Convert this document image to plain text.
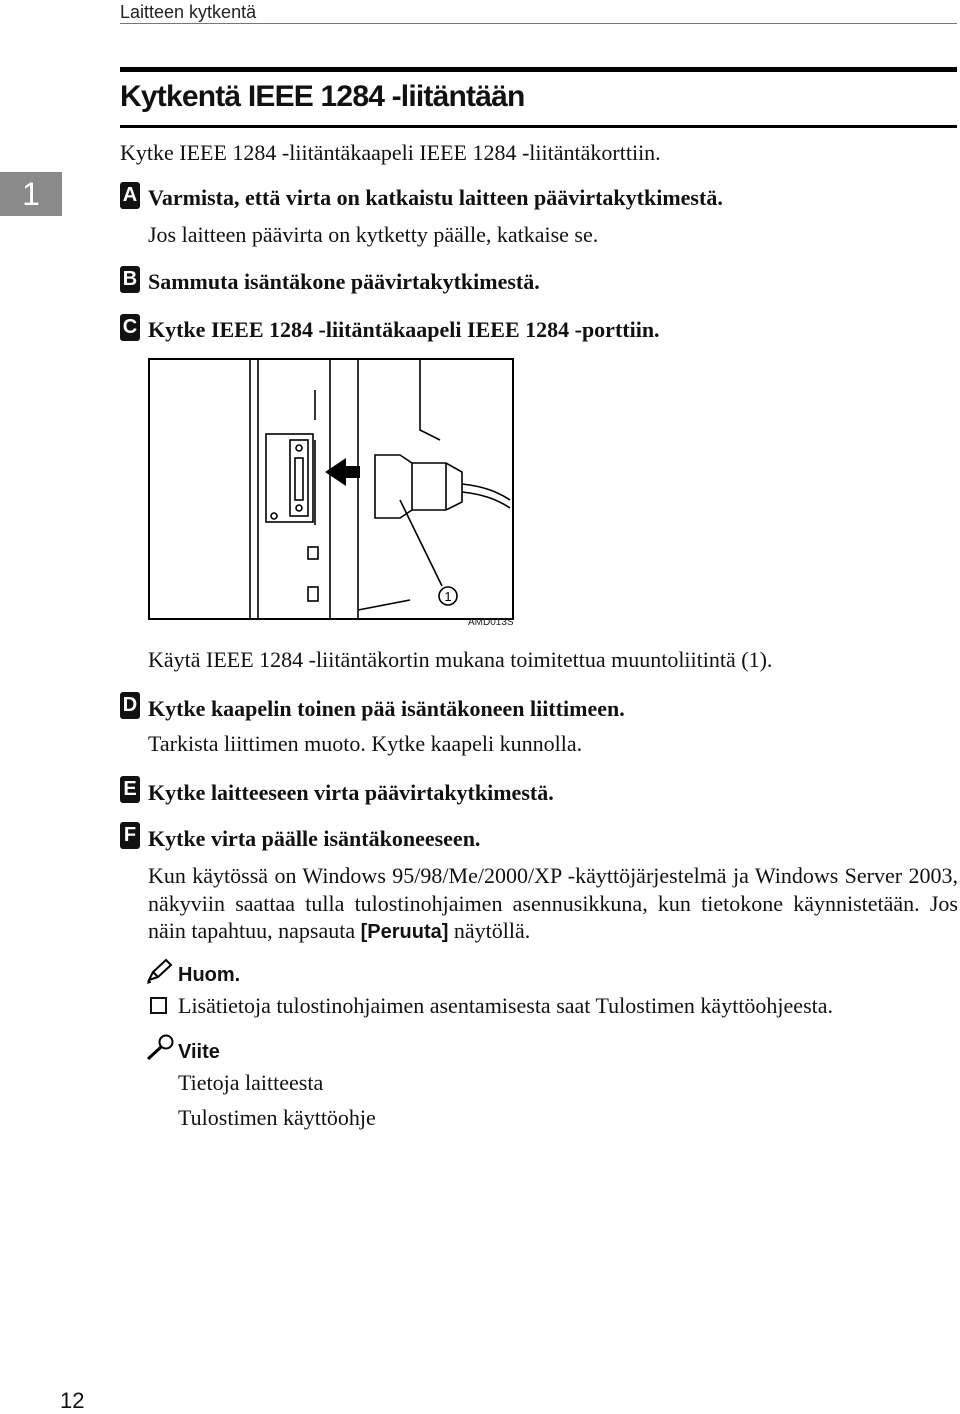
Laitteen kytkentä
1
Kytkentä IEEE 1284 -liitäntään
Kytke IEEE 1284 -liitäntäkaapeli IEEE 1284 -liitäntäkorttiin.
A Varmista, että virta on katkaistu laitteen päävirtakytkimestä.
Jos laitteen päävirta on kytketty päälle, katkaise se.
B Sammuta isäntäkone päävirtakytkimestä.
C Kytke IEEE 1284 -liitäntäkaapeli IEEE 1284 -porttiin.
1
AMD013S
Käytä IEEE 1284 -liitäntäkortin mukana toimitettua muuntoliitintä (1).
D Kytke kaapelin toinen pää isäntäkoneen liittimeen.
Tarkista liittimen muoto. Kytke kaapeli kunnolla.
E Kytke laitteeseen virta päävirtakytkimestä.
F Kytke virta päälle isäntäkoneeseen.
Kun käytössä on Windows 95/98/Me/2000/XP -käyttöjärjestelmä ja Windows Server 2003, näkyviin saattaa tulla tulostinohjaimen asennusikkuna, kun tietokone käynnistetään. Jos näin tapahtuu, napsauta [Peruuta] näytöllä.
Huom.
Lisätietoja tulostinohjaimen asentamisesta saat Tulostimen käyttöohjeesta.
Viite
Tietoja laitteesta
Tulostimen käyttöohje
12
